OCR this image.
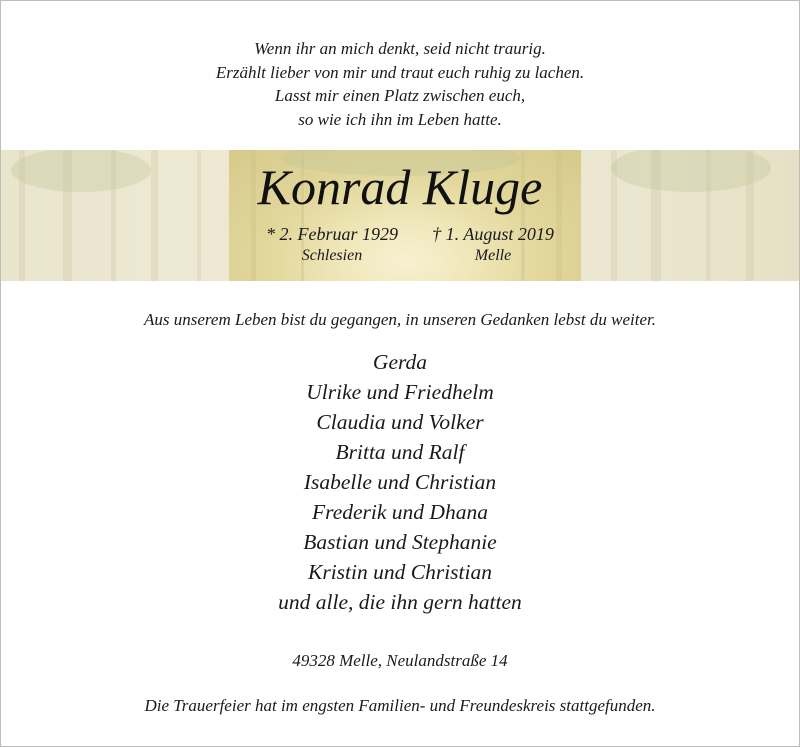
Wenn ihr an mich denkt, seid nicht traurig.
Erzählt lieber von mir und traut euch ruhig zu lachen.
Lasst mir einen Platz zwischen euch,
so wie ich ihn im Leben hatte.
Konrad Kluge
* 2. Februar 1929
Schlesien
† 1. August 2019
Melle
Aus unserem Leben bist du gegangen, in unseren Gedanken lebst du weiter.
Gerda
Ulrike und Friedhelm
Claudia und Volker
Britta und Ralf
Isabelle und Christian
Frederik und Dhana
Bastian und Stephanie
Kristin und Christian
und alle, die ihn gern hatten
49328 Melle, Neulandstraße 14
Die Trauerfeier hat im engsten Familien- und Freundeskreis stattgefunden.
